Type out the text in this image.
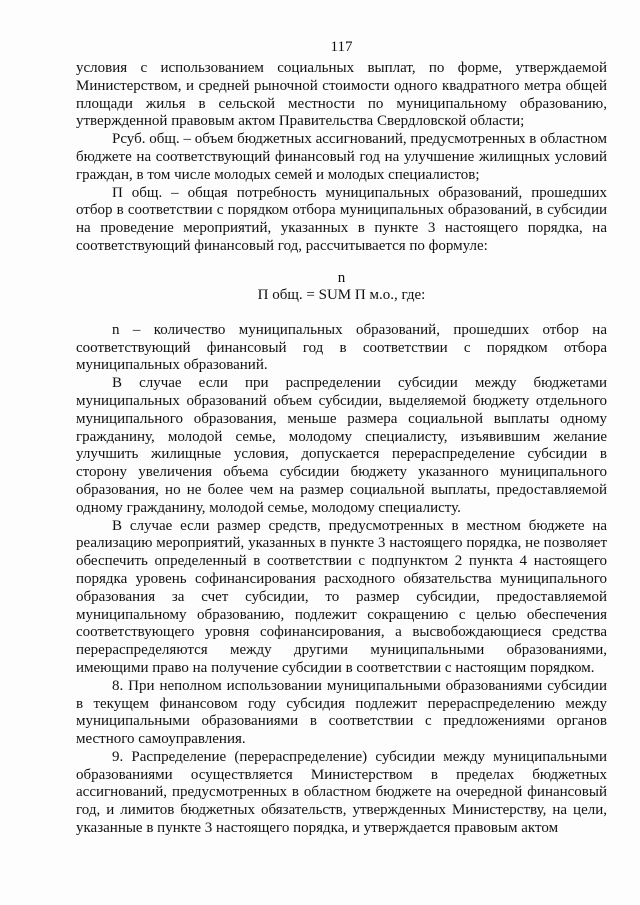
117

условия с использованием социальных выплат, по форме, утверждаемой Министерством, и средней рыночной стоимости одного квадратного метра общей площади жилья в сельской местности по муниципальному образованию, утвержденной правовым актом Правительства Свердловской области;

Pсуб. общ. – объем бюджетных ассигнований, предусмотренных в областном бюджете на соответствующий финансовый год на улучшение жилищных условий граждан, в том числе молодых семей и молодых специалистов;

П общ. – общая потребность муниципальных образований, прошедших отбор в соответствии с порядком отбора муниципальных образований, в субсидии на проведение мероприятий, указанных в пункте 3 настоящего порядка, на соответствующий финансовый год, рассчитывается по формуле:

n
П общ. = SUM П м.о., где:

n – количество муниципальных образований, прошедших отбор на соответствующий финансовый год в соответствии с порядком отбора муниципальных образований.

В случае если при распределении субсидии между бюджетами муниципальных образований объем субсидии, выделяемой бюджету отдельного муниципального образования, меньше размера социальной выплаты одному гражданину, молодой семье, молодому специалисту, изъявившим желание улучшить жилищные условия, допускается перераспределение субсидии в сторону увеличения объема субсидии бюджету указанного муниципального образования, но не более чем на размер социальной выплаты, предоставляемой одному гражданину, молодой семье, молодому специалисту.

В случае если размер средств, предусмотренных в местном бюджете на реализацию мероприятий, указанных в пункте 3 настоящего порядка, не позволяет обеспечить определенный в соответствии с подпунктом 2 пункта 4 настоящего порядка уровень софинансирования расходного обязательства муниципального образования за счет субсидии, то размер субсидии, предоставляемой муниципальному образованию, подлежит сокращению с целью обеспечения соответствующего уровня софинансирования, а высвобождающиеся средства перераспределяются между другими муниципальными образованиями, имеющими право на получение субсидии в соответствии с настоящим порядком.

8. При неполном использовании муниципальными образованиями субсидии в текущем финансовом году субсидия подлежит перераспределению между муниципальными образованиями в соответствии с предложениями органов местного самоуправления.

9. Распределение (перераспределение) субсидии между муниципальными образованиями осуществляется Министерством в пределах бюджетных ассигнований, предусмотренных в областном бюджете на очередной финансовый год, и лимитов бюджетных обязательств, утвержденных Министерству, на цели, указанные в пункте 3 настоящего порядка, и утверждается правовым актом
